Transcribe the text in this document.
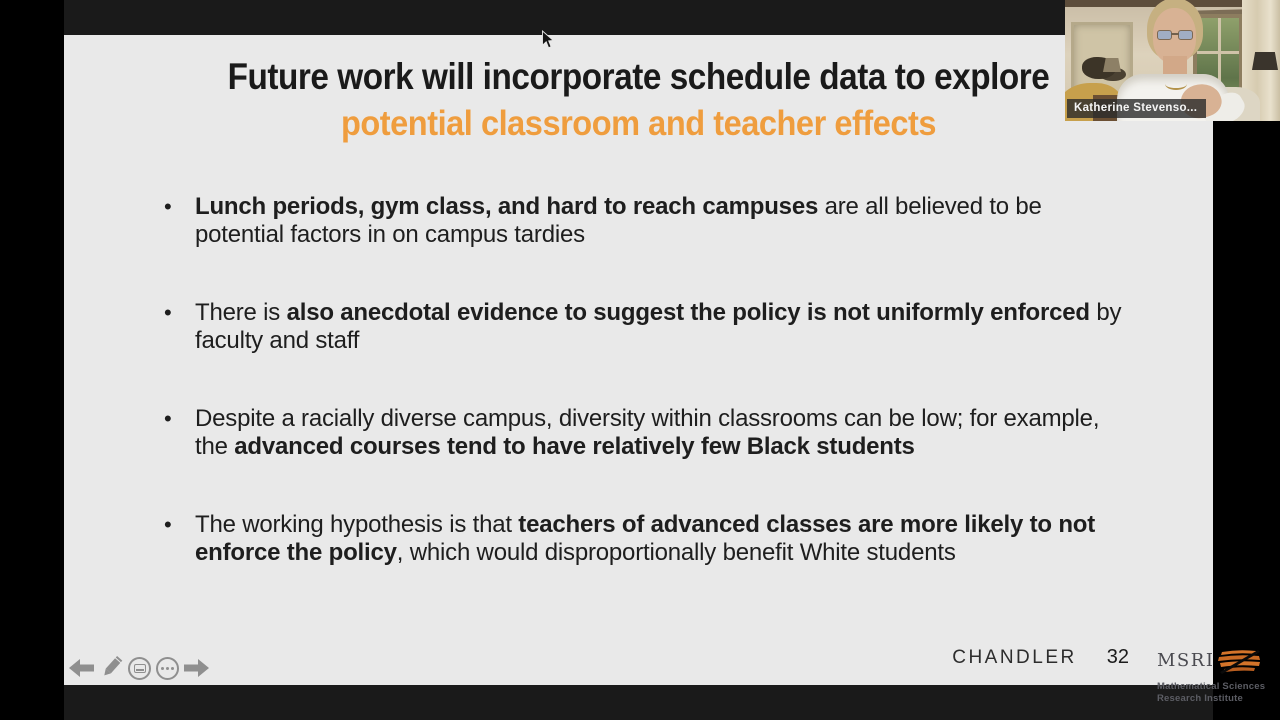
Future work will incorporate schedule data to explore
potential classroom and teacher effects
• Lunch periods, gym class, and hard to reach campuses are all believed to be potential factors in on campus tardies
• There is also anecdotal evidence to suggest the policy is not uniformly enforced by faculty and staff
• Despite a racially diverse campus, diversity within classrooms can be low; for example, the advanced courses tend to have relatively few Black students
• The working hypothesis is that teachers of advanced classes are more likely to not enforce the policy, which would disproportionally benefit White students
CHANDLER 32
Katherine Stevenso...
MSRI
Mathematical Sciences
Research Institute
